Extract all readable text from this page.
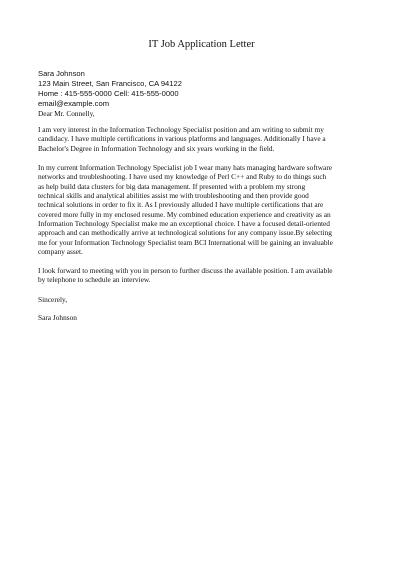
IT Job Application Letter
Sara Johnson
123 Main Street, San Francisco, CA 94122
Home : 415-555-0000 Cell: 415-555-0000
email@example.com
Dear Mr. Connelly,
I am very interest in the Information Technology Specialist position and am writing to submit my
candidacy. I have multiple certifications in various platforms and languages. Additionally I have a
Bachelor's Degree in Information Technology and six years working in the field.
In my current Information Technology Specialist job I wear many hats managing hardware software
networks and troubleshooting. I have used my knowledge of Perl C++ and Ruby to do things such
as help build data clusters for big data management. If presented with a problem my strong
technical skills and analytical abilities assist me with troubleshooting and then provide good
technical solutions in order to fix it. As I previously alluded I have multiple certifications that are
covered more fully in my enclosed resume. My combined education experience and creativity as an
Information Technology Specialist make me an exceptional choice. I have a focused detail-oriented
approach and can methodically arrive at technological solutions for any company issue.By selecting
me for your Information Technology Specialist team BCI International will be gaining an invaluable
company asset.
I look forward to meeting with you in person to further discuss the available position. I am available
by telephone to schedule an interview.
Sincerely,
Sara Johnson
